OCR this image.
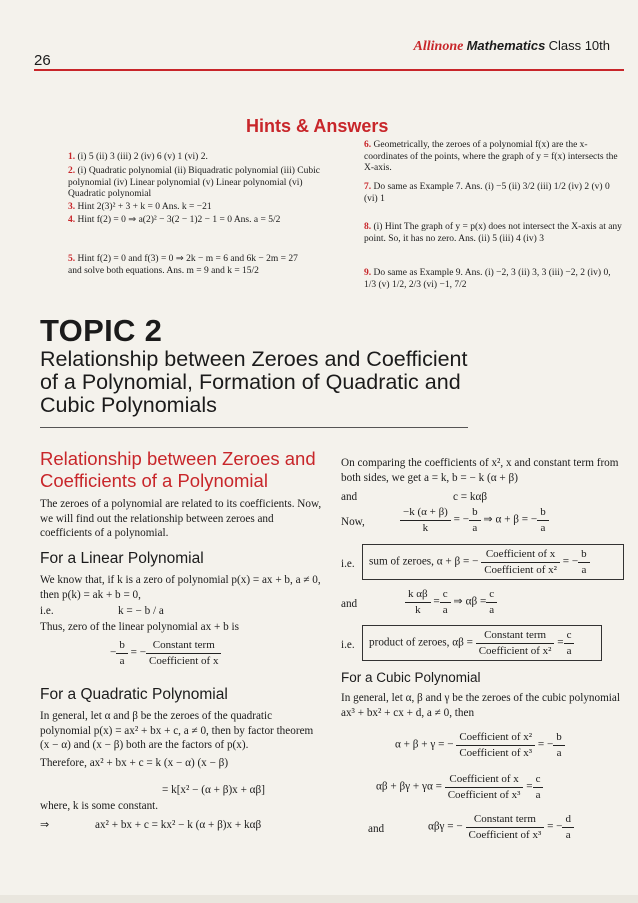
26
Allinone Mathematics Class 10th
Hints & Answers
1. (i) 5 (ii) 3 (iii) 2 (iv) 6 (v) 1 (vi) 2.
2. (i) Quadratic polynomial (ii) Biquadratic polynomial (iii) Cubic polynomial (iv) Linear polynomial (v) Linear polynomial (vi) Quadratic polynomial
3. Hint 2(3)² + 3 + k = 0 Ans. k = −21
4. Hint f(2) = 0 ⇒ a(2)² − 3(2 − 1)2 − 1 = 0 Ans. a = 5/2
5. Hint f(2) = 0 and f(3) = 0 ⇒ 2k − m = 6 and 6k − 2m = 27 and solve both equations. Ans. m = 9 and k = 15/2
6. Geometrically, the zeroes of a polynomial f(x) are the x-coordinates of the points, where the graph of y = f(x) intersects the X-axis.
7. Do same as Example 7. Ans. (i) −5 (ii) 3/2 (iii) 1/2 (iv) 2 (v) 0 (vi) 1
8. (i) Hint The graph of y = p(x) does not intersect the X-axis at any point. So, it has no zero. Ans. (ii) 5 (iii) 4 (iv) 3
9. Do same as Example 9. Ans. (i) −2, 3 (ii) 3, 3 (iii) −2, 2 (iv) 0, 1/3 (v) 1/2, 2/3 (vi) −1, 7/2
TOPIC 2
Relationship between Zeroes and Coefficient of a Polynomial, Formation of Quadratic and Cubic Polynomials
Relationship between Zeroes and Coefficients of a Polynomial
The zeroes of a polynomial are related to its coefficients. Now, we will find out the relationship between zeroes and coefficients of a polynomial.
For a Linear Polynomial
We know that, if k is a zero of polynomial p(x) = ax + b, a ≠ 0, then p(k) = ak + b = 0,
i.e.	k = − b / a
Thus, zero of the linear polynomial ax + b is
− $\frac{b}{a}$ = − $\frac{\text{Constant term}}{\text{Coefficient of x}}$
For a Quadratic Polynomial
In general, let α and β be the zeroes of the quadratic polynomial p(x) = ax² + bx + c, a ≠ 0, then by factor theorem (x − α) and (x − β) both are the factors of p(x).
Therefore, ax² + bx + c = k (x − α) (x − β)
= k[x² − (α + β)x + αβ]
where, k is some constant.
⇒	ax² + bx + c = kx² − k (α + β)x + kαβ
On comparing the coefficients of x², x and constant term from both sides, we get a = k, b = − k (α + β)
and	c = kαβ
Now,	$\frac{-k (\alpha + \beta)}{k}$ = − $\frac{b}{a}$ ⇒ α + β = − $\frac{b}{a}$
i.e.	sum of zeroes, α + β = − $\frac{\text{Coefficient of x}}{\text{Coefficient of x²}}$ = − $\frac{b}{a}$
and	$\frac{\text{k αβ}}{k} = \frac{c}{a}$ ⇒ $\alpha\beta = \frac{c}{a}$
i.e.	product of zeroes, $\alpha\beta = \frac{\text{Constant term}}{\text{Coefficient of x²}} = \frac{c}{a}$
For a Cubic Polynomial
In general, let α, β and γ be the zeroes of the cubic polynomial ax³ + bx² + cx + d, a ≠ 0, then
α + β + γ = − $\frac{\text{Coefficient of x²}}{\text{Coefficient of x³}}$ = − $\frac{b}{a}$
$\alpha\beta + \beta\gamma + \gamma\alpha = \frac{\text{Coefficient of x}}{\text{Coefficient of x³}} = \frac{c}{a}$
and	αβγ = − $\frac{\text{Constant term}}{\text{Coefficient of x³}}$ = − $\frac{d}{a}$
